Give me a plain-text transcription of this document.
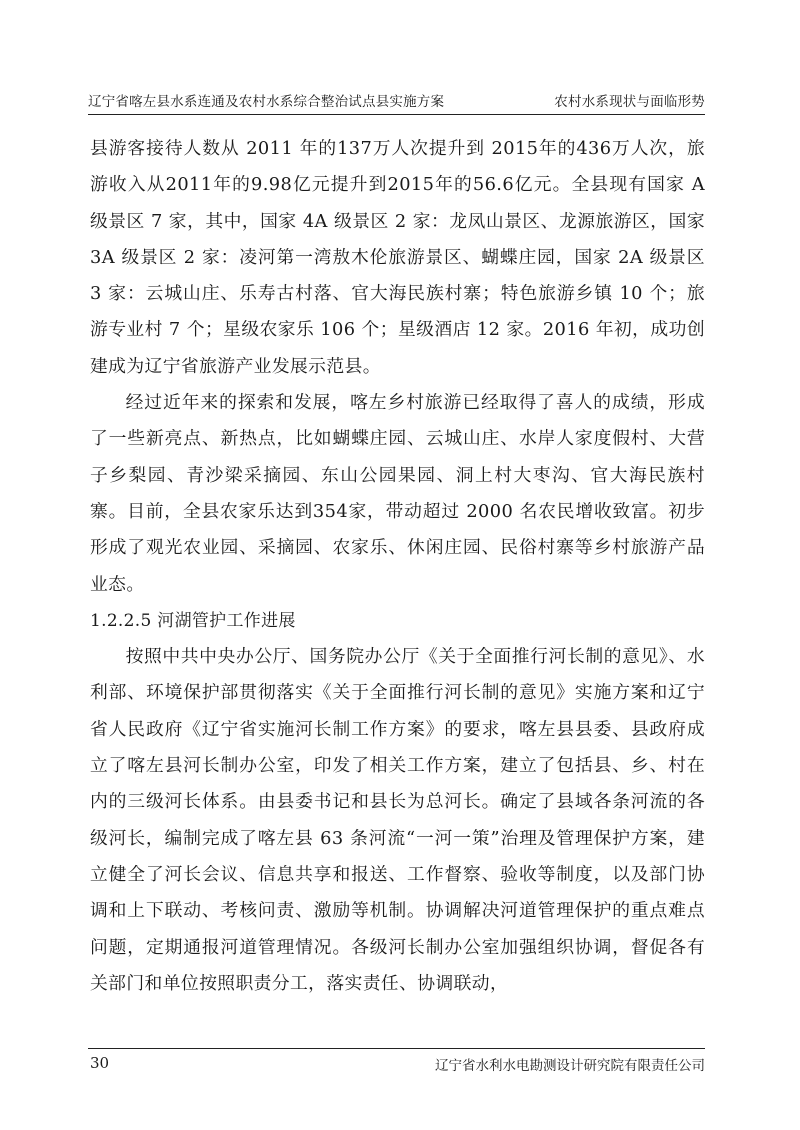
辽宁省喀左县水系连通及农村水系综合整治试点县实施方案	农村水系现状与面临形势

县游客接待人数从 2011 年的137万人次提升到 2015年的436万人次，旅游收入从2011年的9.98亿元提升到2015年的56.6亿元。全县现有国家 A 级景区 7 家，其中，国家 4A 级景区 2 家：龙凤山景区、龙源旅游区，国家 3A 级景区 2 家：凌河第一湾敖木伦旅游景区、蝴蝶庄园，国家 2A 级景区 3 家：云城山庄、乐寿古村落、官大海民族村寨；特色旅游乡镇 10 个；旅游专业村 7 个；星级农家乐 106 个；星级酒店 12 家。2016 年初，成功创建成为辽宁省旅游产业发展示范县。

经过近年来的探索和发展，喀左乡村旅游已经取得了喜人的成绩，形成了一些新亮点、新热点，比如蝴蝶庄园、云城山庄、水岸人家度假村、大营子乡梨园、青沙梁采摘园、东山公园果园、洞上村大枣沟、官大海民族村寨。目前，全县农家乐达到354家，带动超过 2000 名农民增收致富。初步形成了观光农业园、采摘园、农家乐、休闲庄园、民俗村寨等乡村旅游产品业态。

1.2.2.5 河湖管护工作进展

按照中共中央办公厅、国务院办公厅《关于全面推行河长制的意见》、水利部、环境保护部贯彻落实《关于全面推行河长制的意见》实施方案和辽宁省人民政府《辽宁省实施河长制工作方案》的要求，喀左县县委、县政府成立了喀左县河长制办公室，印发了相关工作方案，建立了包括县、乡、村在内的三级河长体系。由县委书记和县长为总河长。确定了县域各条河流的各级河长，编制完成了喀左县 63 条河流“一河一策”治理及管理保护方案，建立健全了河长会议、信息共享和报送、工作督察、验收等制度，以及部门协调和上下联动、考核问责、激励等机制。协调解决河道管理保护的重点难点问题，定期通报河道管理情况。各级河长制办公室加强组织协调，督促各有关部门和单位按照职责分工，落实责任、协调联动，

30	辽宁省水利水电勘测设计研究院有限责任公司
